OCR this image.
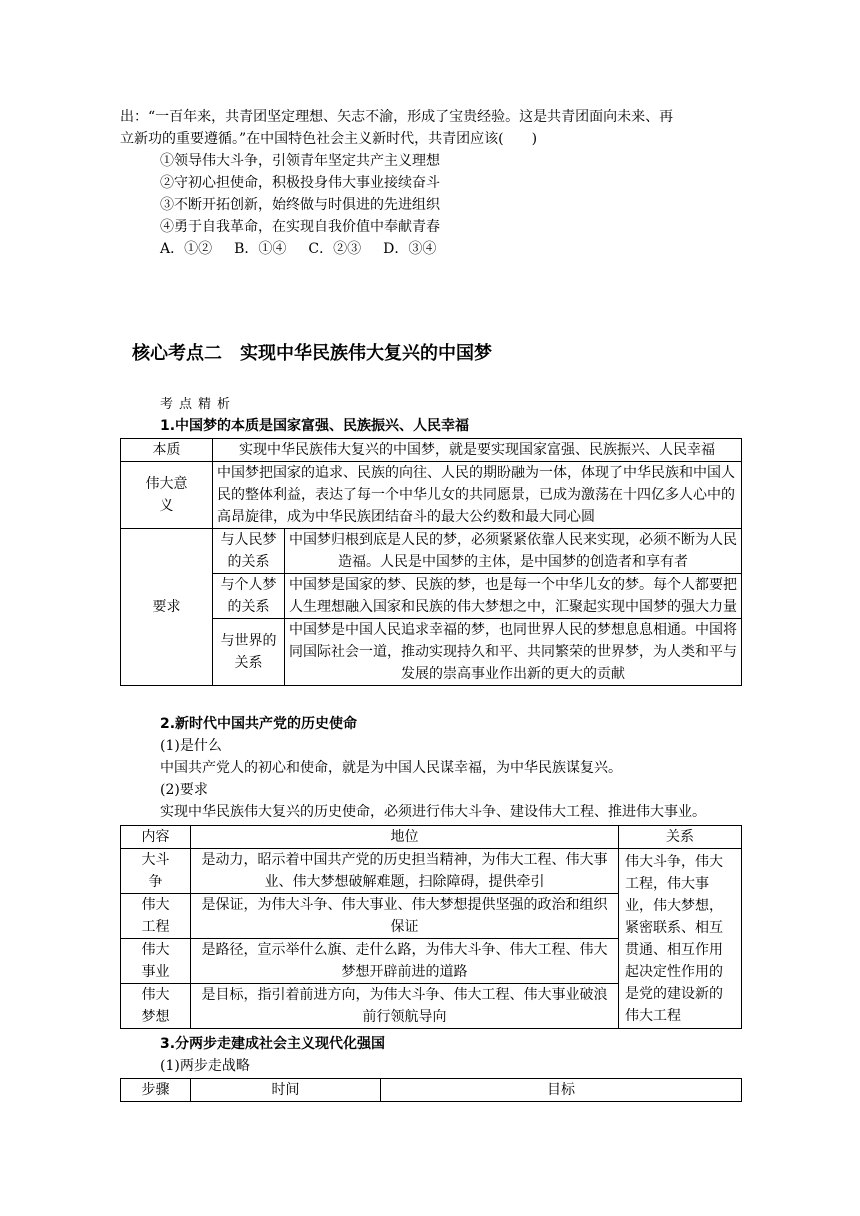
出：“一百年来，共青团坚定理想、矢志不渝，形成了宝贵经验。这是共青团面向未来、再

立新功的重要遵循。”在中国特色社会主义新时代，共青团应该(　　)

①领导伟大斗争，引领青年坚定共产主义理想

②守初心担使命，积极投身伟大事业接续奋斗

③不断开拓创新，始终做与时俱进的先进组织

④勇于自我革命，在实现自我价值中奉献青春

A．①② B．①④ C．②③ D．③④

核心考点二　实现中华民族伟大复兴的中国梦

考点精析

1.中国梦的本质是国家富强、民族振兴、人民幸福

本质	实现中华民族伟大复兴的中国梦，就是要实现国家富强、民族振兴、人民幸福	
伟大意义	中国梦把国家的追求、民族的向往、人民的期盼融为一体，体现了中华民族和中国人民的整体利益，表达了每一个中华儿女的共同愿景，已成为激荡在十四亿多人心中的高昂旋律，成为中华民族团结奋斗的最大公约数和最大同心圆	
要求	与人民梦的关系	中国梦归根到底是人民的梦，必须紧紧依靠人民来实现，必须不断为人民造福。人民是中国梦的主体，是中国梦的创造者和享有者
	与个人梦的关系	中国梦是国家的梦、民族的梦，也是每一个中华儿女的梦。每个人都要把人生理想融入国家和民族的伟大梦想之中，汇聚起实现中国梦的强大力量
	与世界的关系	中国梦是中国人民追求幸福的梦，也同世界人民的梦想息息相通。中国将同国际社会一道，推动实现持久和平、共同繁荣的世界梦，为人类和平与发展的崇高事业作出新的更大的贡献

2.新时代中国共产党的历史使命

(1)是什么

中国共产党人的初心和使命，就是为中国人民谋幸福，为中华民族谋复兴。

(2)要求

实现中华民族伟大复兴的历史使命，必须进行伟大斗争、建设伟大工程、推进伟大事业。

内容	地位	关系
大斗争	是动力，昭示着中国共产党的历史担当精神，为伟大工程、伟大事业、伟大梦想破解难题，扫除障碍，提供牵引	伟大斗争，伟大工程，伟大事业，伟大梦想，紧密联系、相互贯通、相互作用起决定性作用的是党的建设新的伟大工程
伟大工程	是保证，为伟大斗争、伟大事业、伟大梦想提供坚强的政治和组织保证	
伟大事业	是路径，宣示举什么旗、走什么路，为伟大斗争、伟大工程、伟大梦想开辟前进的道路	
伟大梦想	是目标，指引着前进方向，为伟大斗争、伟大工程、伟大事业破浪前行领航导向	

3.分两步走建成社会主义现代化强国

(1)两步走战略

步骤	时间	目标
